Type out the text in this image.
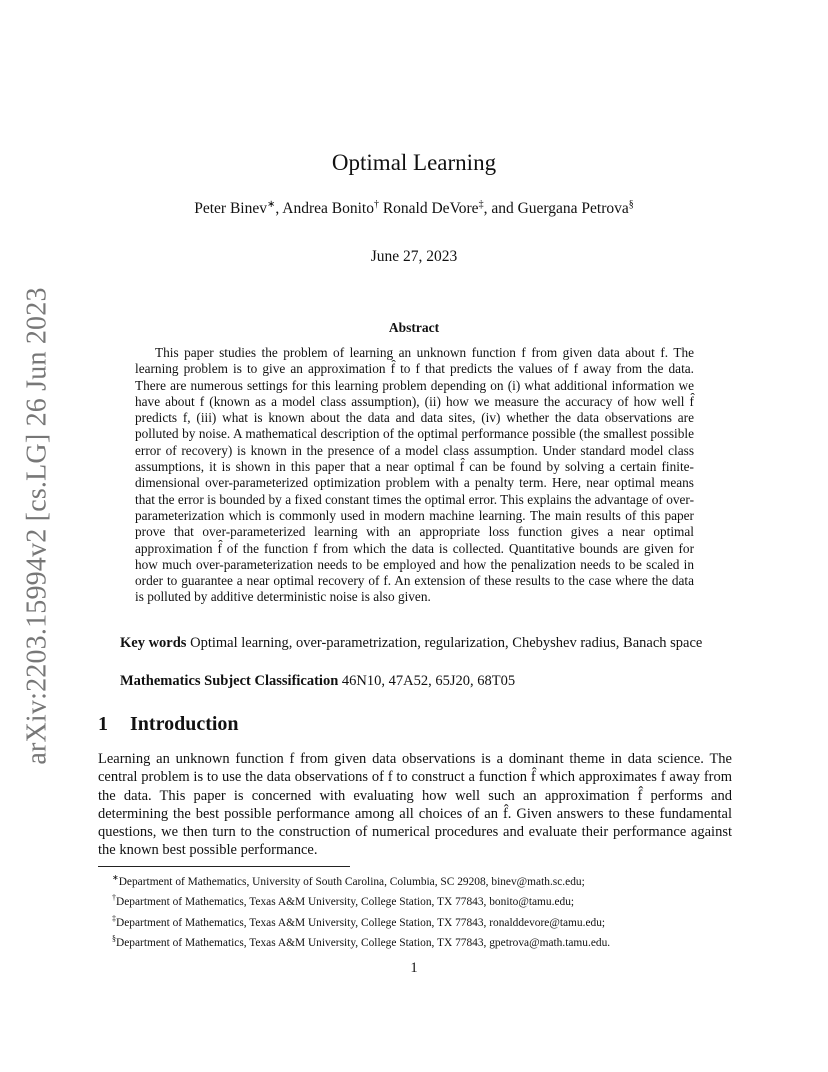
arXiv:2203.15994v2 [cs.LG] 26 Jun 2023
Optimal Learning
Peter Binev∗, Andrea Bonito† Ronald DeVore‡, and Guergana Petrova§
June 27, 2023
Abstract

This paper studies the problem of learning an unknown function f from given data about f. The learning problem is to give an approximation f̂ to f that predicts the values of f away from the data. There are numerous settings for this learning problem depending on (i) what additional information we have about f (known as a model class assumption), (ii) how we measure the accuracy of how well f̂ predicts f, (iii) what is known about the data and data sites, (iv) whether the data observations are polluted by noise. A mathematical description of the optimal performance possible (the smallest possible error of recovery) is known in the presence of a model class assumption. Under standard model class assumptions, it is shown in this paper that a near optimal f̂ can be found by solving a certain finite-dimensional over-parameterized optimization problem with a penalty term. Here, near optimal means that the error is bounded by a fixed constant times the optimal error. This explains the advantage of over-parameterization which is commonly used in modern machine learning. The main results of this paper prove that over-parameterized learning with an appropriate loss function gives a near optimal approximation f̂ of the function f from which the data is collected. Quantitative bounds are given for how much over-parameterization needs to be employed and how the penalization needs to be scaled in order to guarantee a near optimal recovery of f. An extension of these results to the case where the data is polluted by additive deterministic noise is also given.

Key words Optimal learning, over-parametrization, regularization, Chebyshev radius, Banach space

Mathematics Subject Classification 46N10, 47A52, 65J20, 68T05

1 Introduction

Learning an unknown function f from given data observations is a dominant theme in data science. The central problem is to use the data observations of f to construct a function f̂ which approximates f away from the data. This paper is concerned with evaluating how well such an approximation f̂ performs and determining the best possible performance among all choices of an f̂. Given answers to these fundamental questions, we then turn to the construction of numerical procedures and evaluate their performance against the known best possible performance.

∗Department of Mathematics, University of South Carolina, Columbia, SC 29208, binev@math.sc.edu;
†Department of Mathematics, Texas A&M University, College Station, TX 77843, bonito@tamu.edu;
‡Department of Mathematics, Texas A&M University, College Station, TX 77843, ronalddevore@tamu.edu;
§Department of Mathematics, Texas A&M University, College Station, TX 77843, gpetrova@math.tamu.edu.
1
